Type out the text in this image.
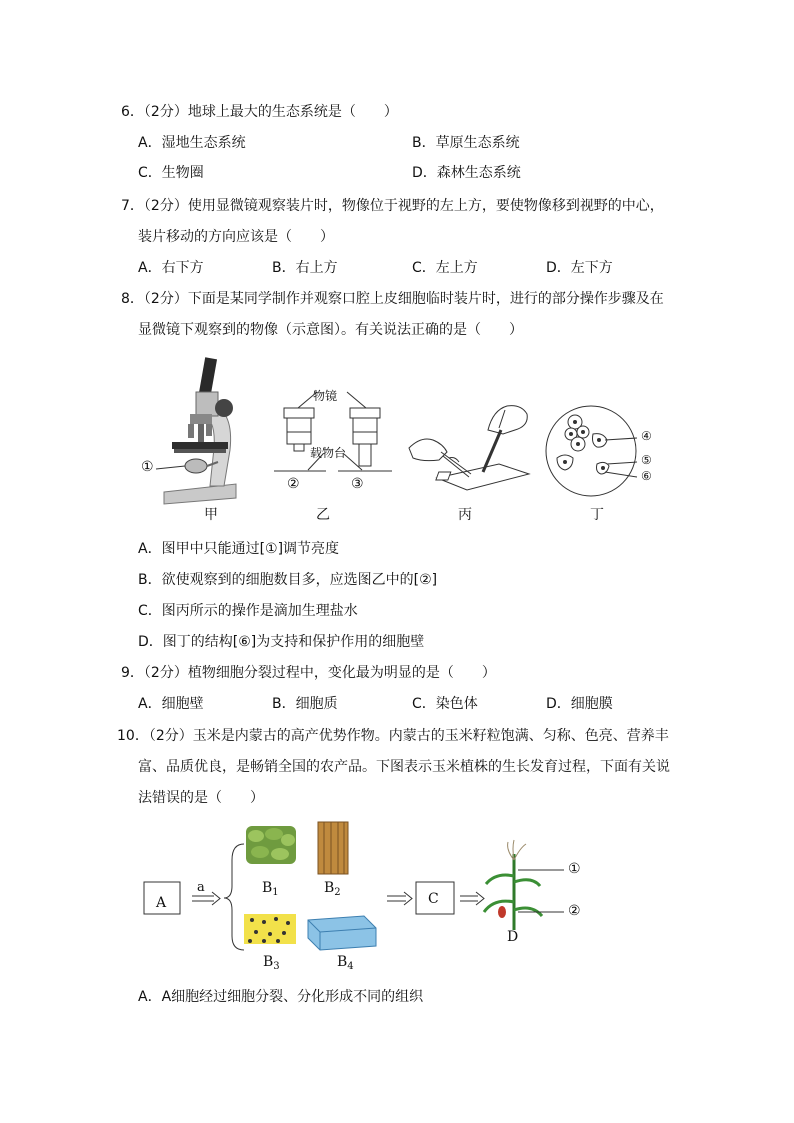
6．（2分）地球上最大的生态系统是（　　）
A．湿地生态系统	B．草原生态系统
C．生物圈	D．森林生态系统
7．（2分）使用显微镜观察装片时，物像位于视野的左上方，要使物像移到视野的中心，
装片移动的方向应该是（　　）
A．右下方	B．右上方	C．左上方	D．左下方
8．（2分）下面是某同学制作并观察口腔上皮细胞临时装片时，进行的部分操作步骤及在
显微镜下观察到的物像（示意图）。有关说法正确的是（　　）
①
甲
物镜
载物台
②	③
乙	丙
④
⑤
⑥
丁
A．图甲中只能通过[①]调节亮度
B．欲使观察到的细胞数目多，应选图乙中的[②]
C．图丙所示的操作是滴加生理盐水
D．图丁的结构[⑥]为支持和保护作用的细胞壁
9．（2分）植物细胞分裂过程中，变化最为明显的是（　　）
A．细胞壁	B．细胞质	C．染色体	D．细胞膜
10．（2分）玉米是内蒙古的高产优势作物。内蒙古的玉米籽粒饱满、匀称、色亮、营养丰
富、品质优良，是畅销全国的农产品。下图表示玉米植株的生长发育过程，下面有关说
法错误的是（　　）
A
a
C
D
$B_1$	$B_2$
$B_3$	$B_4$
①
②
A．A细胞经过细胞分裂、分化形成不同的组织
